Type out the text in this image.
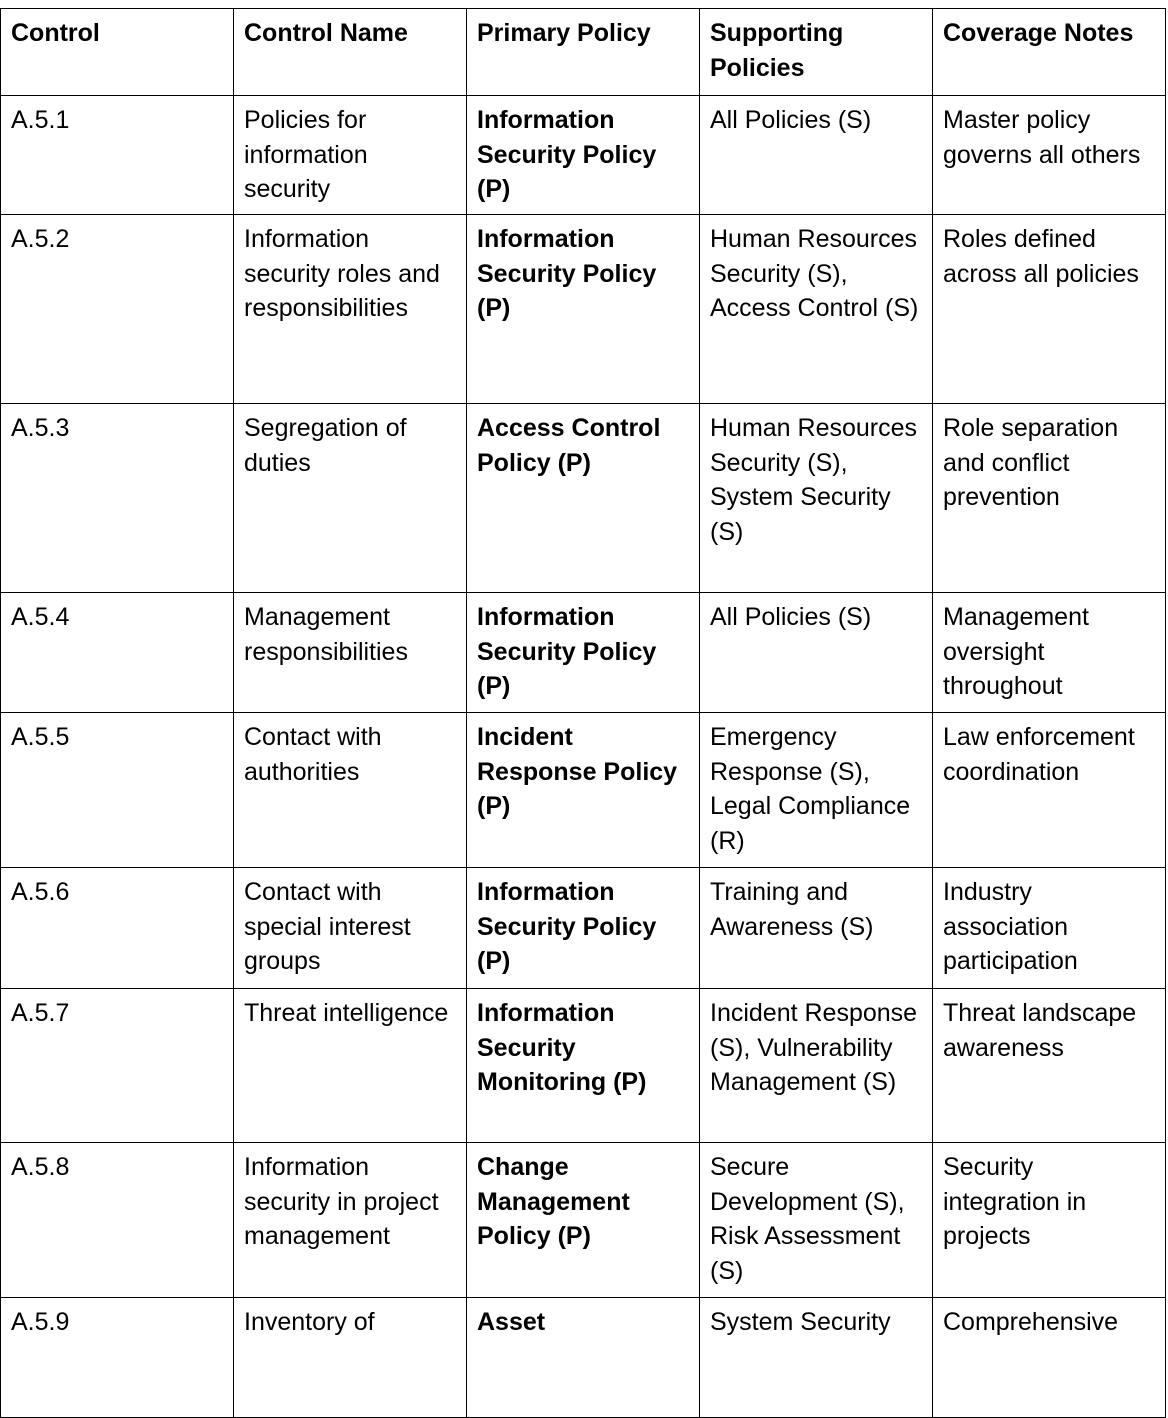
Control	Control Name	Primary Policy	Supporting Policies	Coverage Notes
A.5.1	Policies for information security	Information Security Policy (P)	All Policies (S)	Master policy governs all others
A.5.2	Information security roles and responsibilities	Information Security Policy (P)	Human Resources Security (S), Access Control (S)	Roles defined across all policies
A.5.3	Segregation of duties	Access Control Policy (P)	Human Resources Security (S), System Security (S)	Role separation and conflict prevention
A.5.4	Management responsibilities	Information Security Policy (P)	All Policies (S)	Management oversight throughout
A.5.5	Contact with authorities	Incident Response Policy (P)	Emergency Response (S), Legal Compliance (R)	Law enforcement coordination
A.5.6	Contact with special interest groups	Information Security Policy (P)	Training and Awareness (S)	Industry association participation
A.5.7	Threat intelligence	Information Security Monitoring (P)	Incident Response (S), Vulnerability Management (S)	Threat landscape awareness
A.5.8	Information security in project management	Change Management Policy (P)	Secure Development (S), Risk Assessment (S)	Security integration in projects
A.5.9	Inventory of	Asset	System Security	Comprehensive
